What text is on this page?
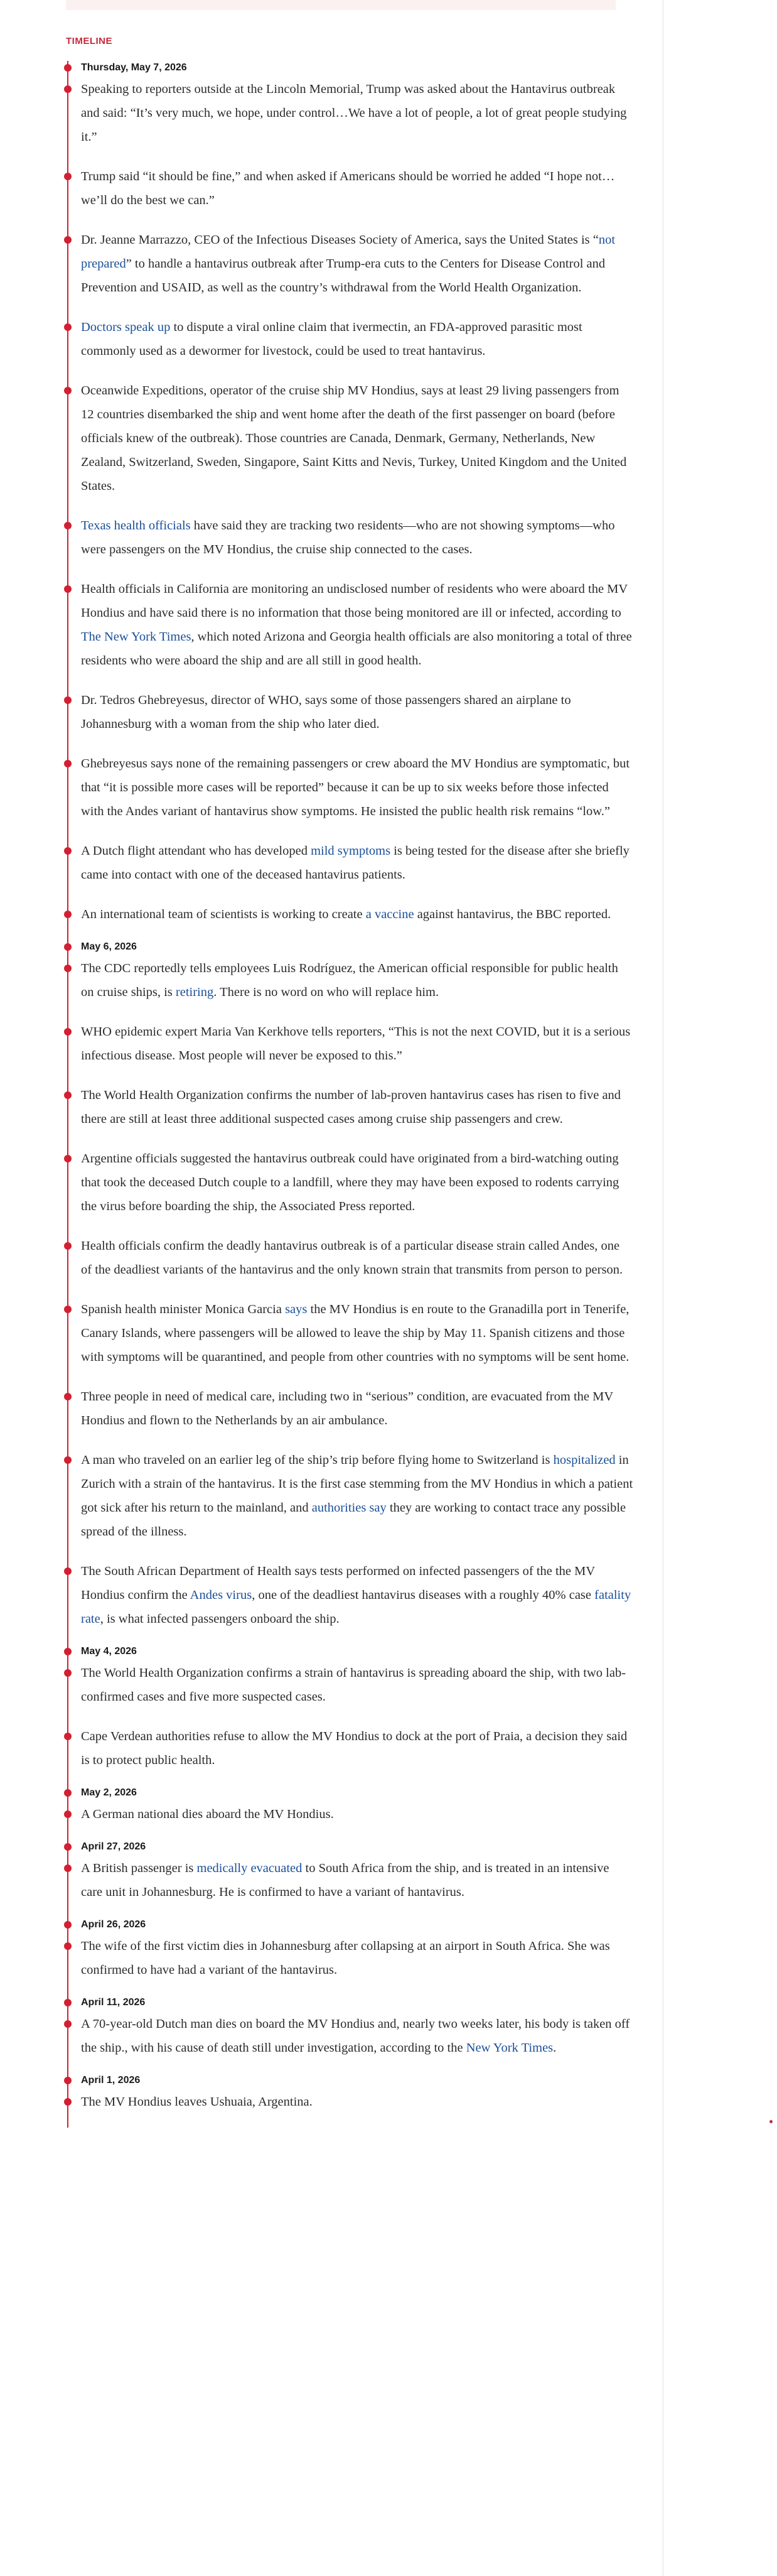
TIMELINE
Thursday, May 7, 2026

Speaking to reporters outside at the Lincoln Memorial, Trump was asked about the Hantavirus outbreak and said: “It’s very much, we hope, under control…We have a lot of people, a lot of great people studying it.”

Trump said “it should be fine,” and when asked if Americans should be worried he added “I hope not…we’ll do the best we can.”

Dr. Jeanne Marrazzo, CEO of the Infectious Diseases Society of America, says the United States is “not prepared” to handle a hantavirus outbreak after Trump-era cuts to the Centers for Disease Control and Prevention and USAID, as well as the country’s withdrawal from the World Health Organization.

Doctors speak up to dispute a viral online claim that ivermectin, an FDA-approved parasitic most commonly used as a dewormer for livestock, could be used to treat hantavirus.

Oceanwide Expeditions, operator of the cruise ship MV Hondius, says at least 29 living passengers from 12 countries disembarked the ship and went home after the death of the first passenger on board (before officials knew of the outbreak). Those countries are Canada, Denmark, Germany, Netherlands, New Zealand, Switzerland, Sweden, Singapore, Saint Kitts and Nevis, Turkey, United Kingdom and the United States.

Texas health officials have said they are tracking two residents—who are not showing symptoms—who were passengers on the MV Hondius, the cruise ship connected to the cases.

Health officials in California are monitoring an undisclosed number of residents who were aboard the MV Hondius and have said there is no information that those being monitored are ill or infected, according to The New York Times, which noted Arizona and Georgia health officials are also monitoring a total of three residents who were aboard the ship and are all still in good health.

Dr. Tedros Ghebreyesus, director of WHO, says some of those passengers shared an airplane to Johannesburg with a woman from the ship who later died.

Ghebreyesus says none of the remaining passengers or crew aboard the MV Hondius are symptomatic, but that “it is possible more cases will be reported” because it can be up to six weeks before those infected with the Andes variant of hantavirus show symptoms. He insisted the public health risk remains “low.”

A Dutch flight attendant who has developed mild symptoms is being tested for the disease after she briefly came into contact with one of the deceased hantavirus patients.

An international team of scientists is working to create a vaccine against hantavirus, the BBC reported.

May 6, 2026

The CDC reportedly tells employees Luis Rodríguez, the American official responsible for public health on cruise ships, is retiring. There is no word on who will replace him.

WHO epidemic expert Maria Van Kerkhove tells reporters, “This is not the next COVID, but it is a serious infectious disease. Most people will never be exposed to this.”

The World Health Organization confirms the number of lab-proven hantavirus cases has risen to five and there are still at least three additional suspected cases among cruise ship passengers and crew.

Argentine officials suggested the hantavirus outbreak could have originated from a bird-watching outing that took the deceased Dutch couple to a landfill, where they may have been exposed to rodents carrying the virus before boarding the ship, the Associated Press reported.

Health officials confirm the deadly hantavirus outbreak is of a particular disease strain called Andes, one of the deadliest variants of the hantavirus and the only known strain that transmits from person to person.

Spanish health minister Monica Garcia says the MV Hondius is en route to the Granadilla port in Tenerife, Canary Islands, where passengers will be allowed to leave the ship by May 11. Spanish citizens and those with symptoms will be quarantined, and people from other countries with no symptoms will be sent home.

Three people in need of medical care, including two in “serious” condition, are evacuated from the MV Hondius and flown to the Netherlands by an air ambulance.

A man who traveled on an earlier leg of the ship’s trip before flying home to Switzerland is hospitalized in Zurich with a strain of the hantavirus. It is the first case stemming from the MV Hondius in which a patient got sick after his return to the mainland, and authorities say they are working to contact trace any possible spread of the illness.

The South African Department of Health says tests performed on infected passengers of the the MV Hondius confirm the Andes virus, one of the deadliest hantavirus diseases with a roughly 40% case fatality rate, is what infected passengers onboard the ship.

May 4, 2026

The World Health Organization confirms a strain of hantavirus is spreading aboard the ship, with two lab-confirmed cases and five more suspected cases.

Cape Verdean authorities refuse to allow the MV Hondius to dock at the port of Praia, a decision they said is to protect public health.

May 2, 2026

A German national dies aboard the MV Hondius.

April 27, 2026

A British passenger is medically evacuated to South Africa from the ship, and is treated in an intensive care unit in Johannesburg. He is confirmed to have a variant of hantavirus.

April 26, 2026

The wife of the first victim dies in Johannesburg after collapsing at an airport in South Africa. She was confirmed to have had a variant of the hantavirus.

April 11, 2026

A 70-year-old Dutch man dies on board the MV Hondius and, nearly two weeks later, his body is taken off the ship., with his cause of death still under investigation, according to the New York Times.

April 1, 2026

The MV Hondius leaves Ushuaia, Argentina.
